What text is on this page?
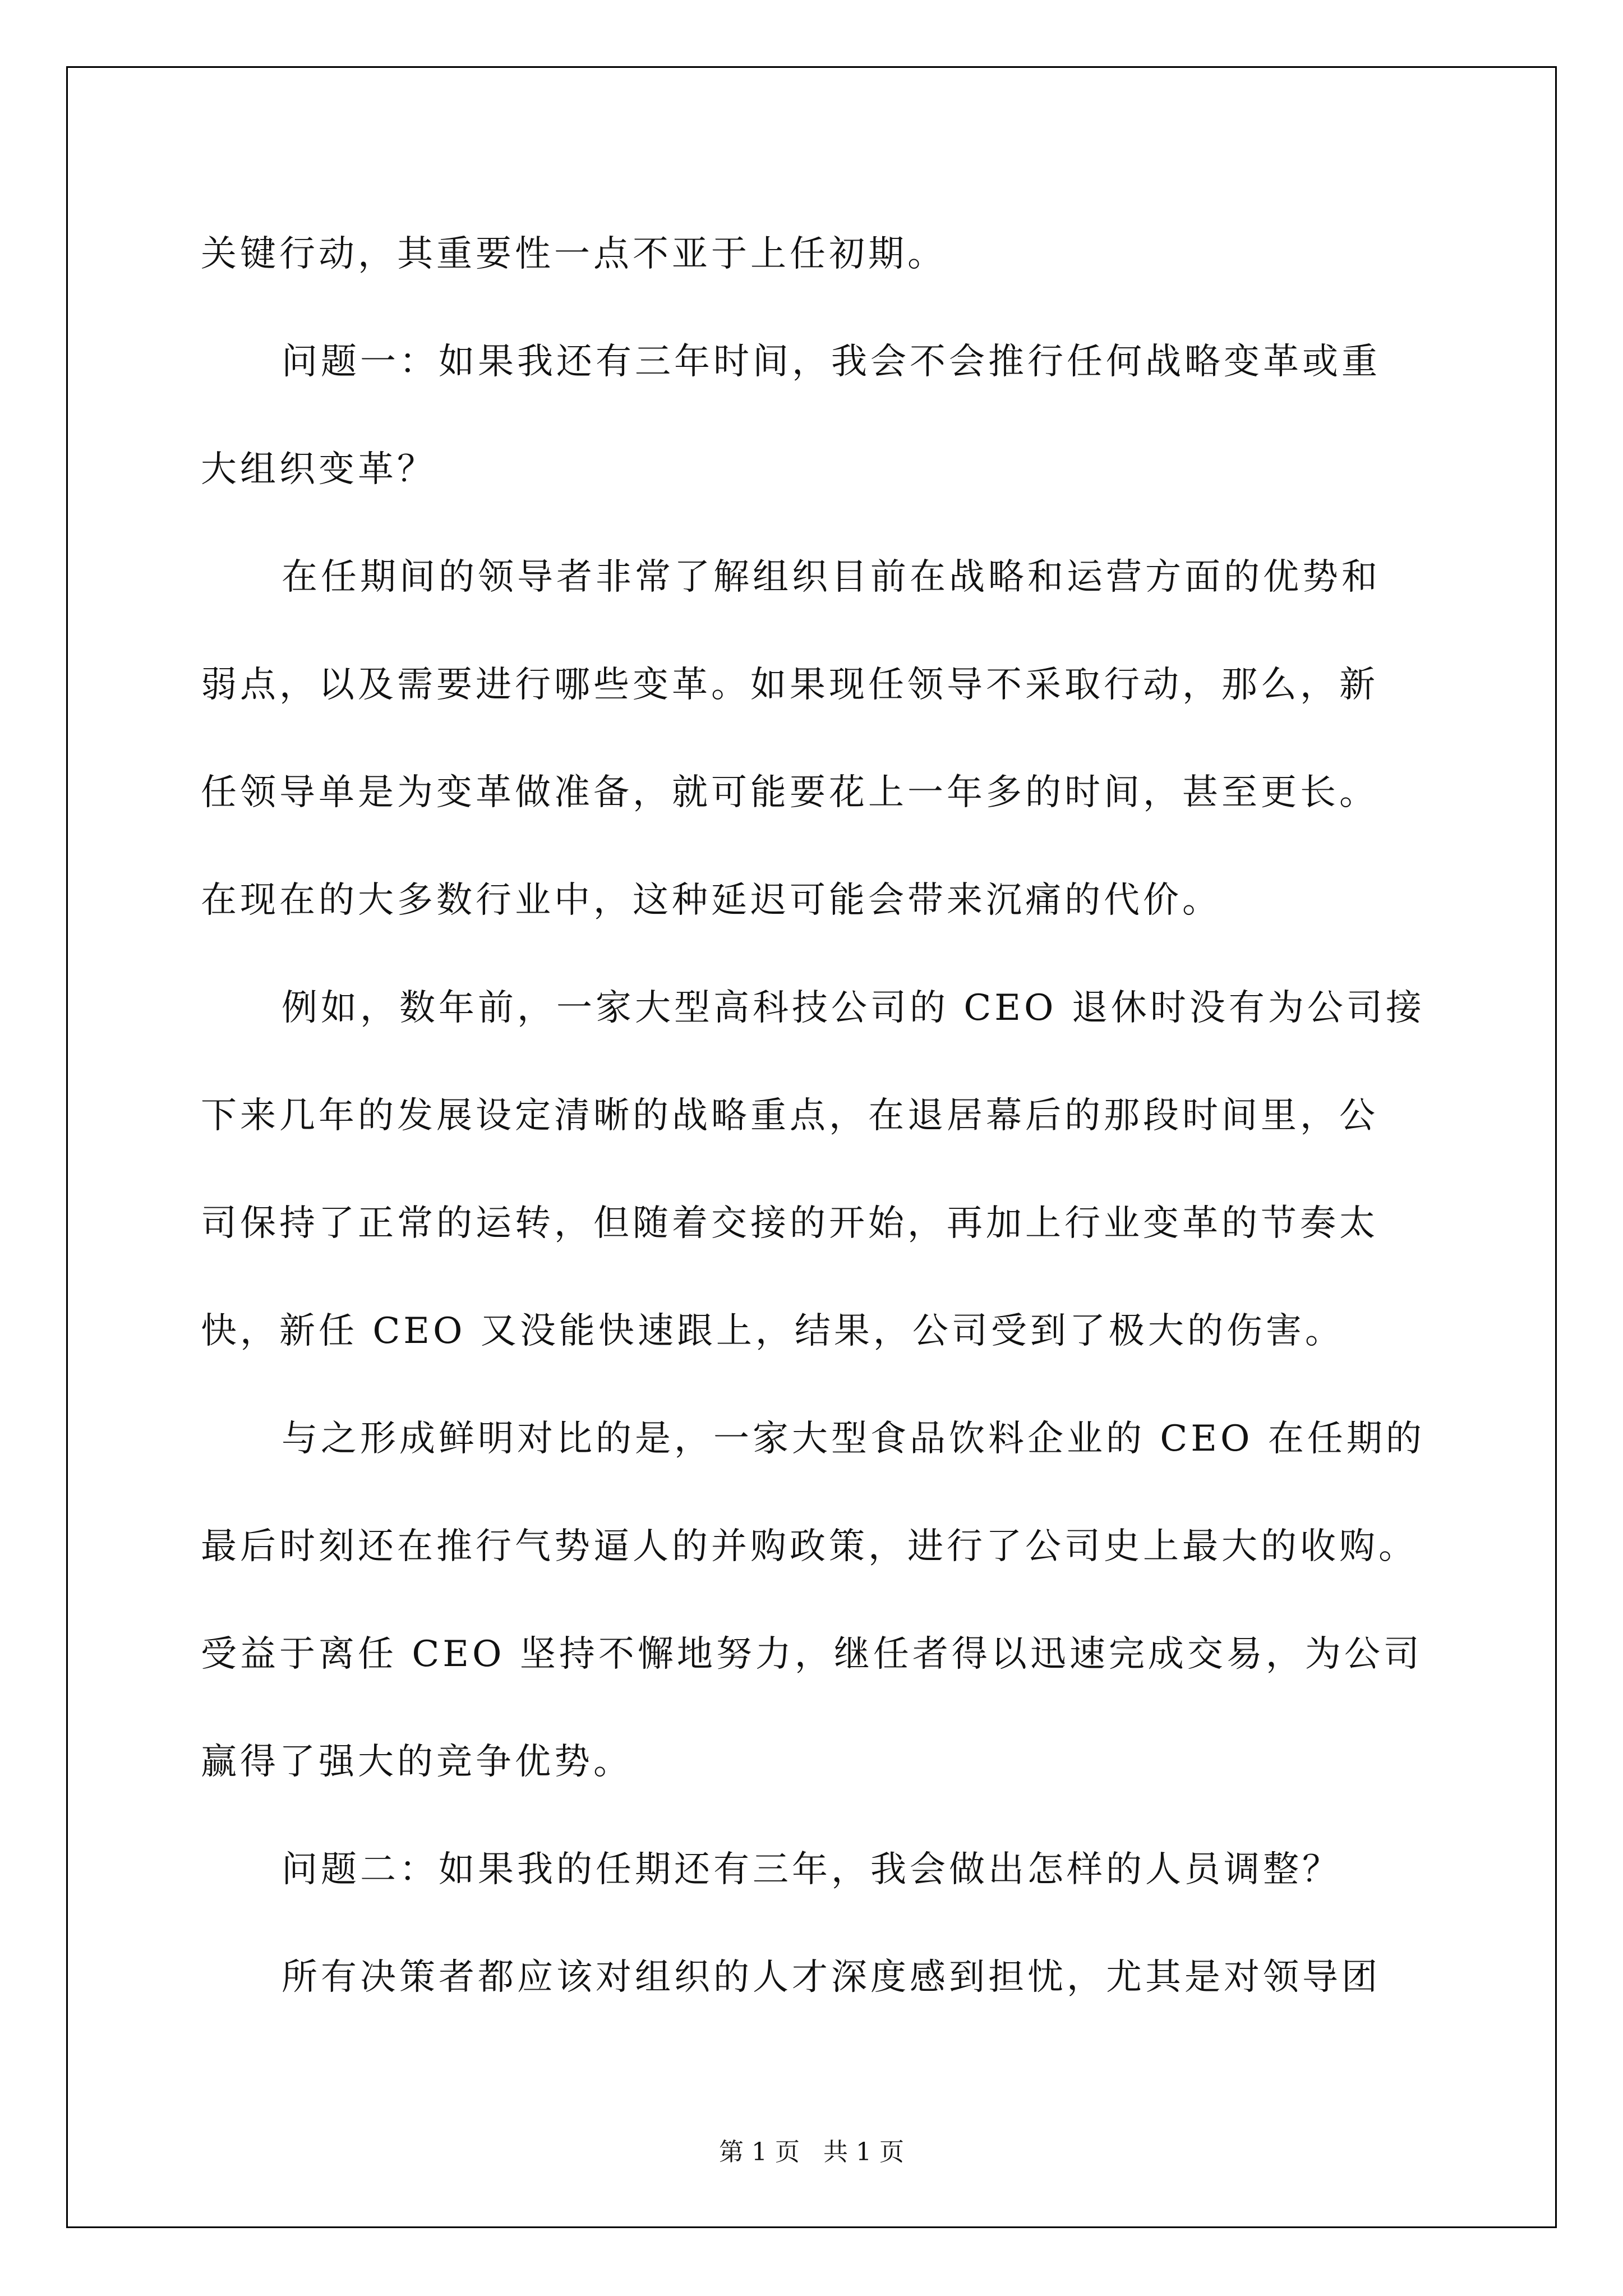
关键行动，其重要性一点不亚于上任初期。
问题一：如果我还有三年时间，我会不会推行任何战略变革或重
大组织变革？
在任期间的领导者非常了解组织目前在战略和运营方面的优势和
弱点，以及需要进行哪些变革。如果现任领导不采取行动，那么，新
任领导单是为变革做准备，就可能要花上一年多的时间，甚至更长。
在现在的大多数行业中，这种延迟可能会带来沉痛的代价。
例如，数年前，一家大型高科技公司的 CEO 退休时没有为公司接
下来几年的发展设定清晰的战略重点，在退居幕后的那段时间里，公
司保持了正常的运转，但随着交接的开始，再加上行业变革的节奏太
快，新任 CEO 又没能快速跟上，结果，公司受到了极大的伤害。
与之形成鲜明对比的是，一家大型食品饮料企业的 CEO 在任期的
最后时刻还在推行气势逼人的并购政策，进行了公司史上最大的收购。
受益于离任 CEO 坚持不懈地努力，继任者得以迅速完成交易，为公司
赢得了强大的竞争优势。
问题二：如果我的任期还有三年，我会做出怎样的人员调整？
所有决策者都应该对组织的人才深度感到担忧，尤其是对领导团
第 1 页 共 1 页
